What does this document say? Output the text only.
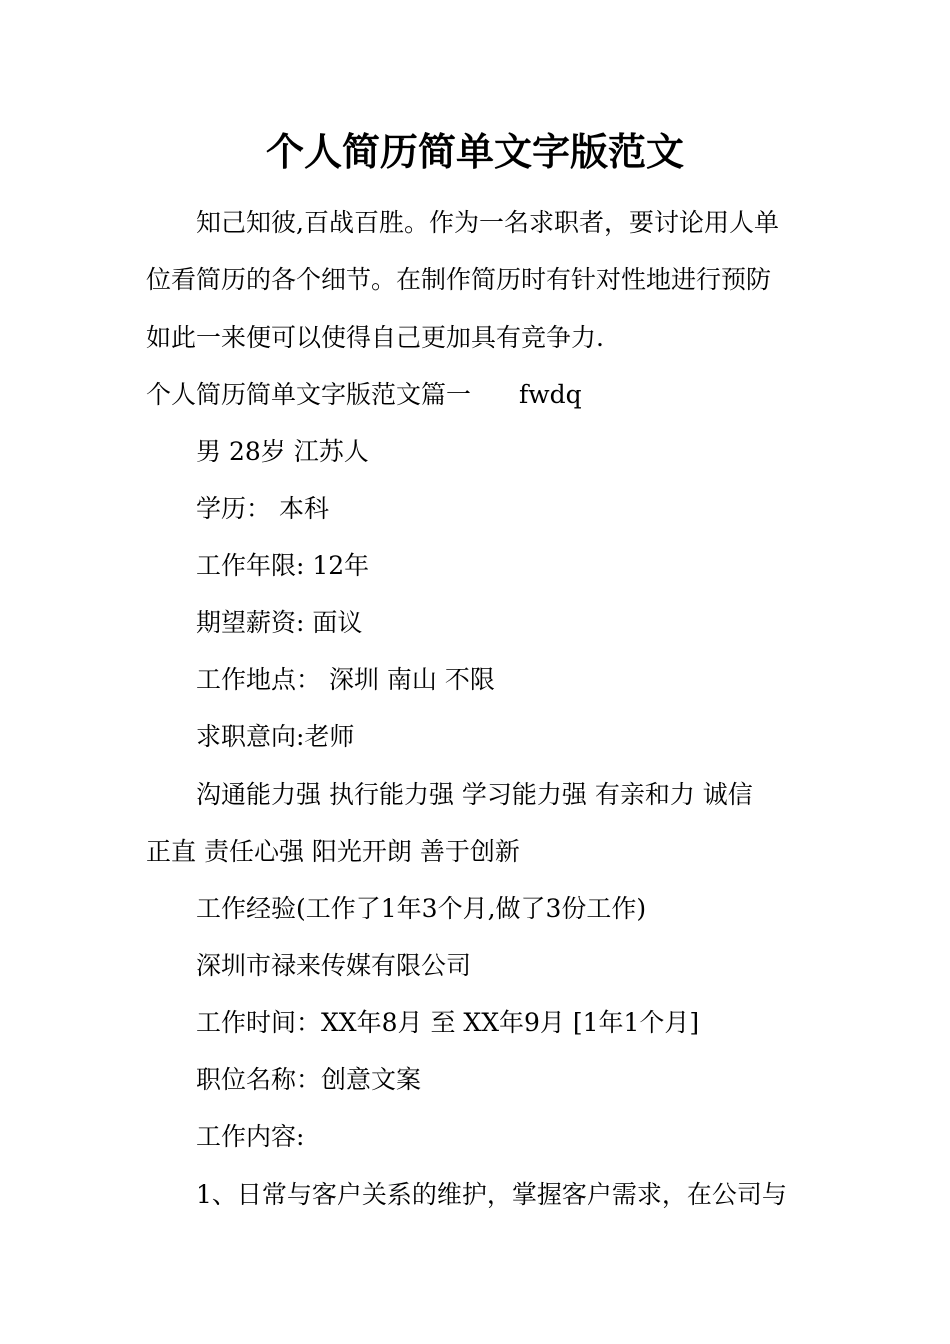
个人简历简单文字版范文
知己知彼,百战百胜。作为一名求职者，要讨论用人单
位看简历的各个细节。在制作简历时有针对性地进行预防
如此一来便可以使得自己更加具有竞争力.
个人简历简单文字版范文篇一 fwdq
男 28岁 江苏人
学历： 本科
工作年限: 12年
期望薪资: 面议
工作地点： 深圳 南山 不限
求职意向:老师
沟通能力强 执行能力强 学习能力强 有亲和力 诚信
正直 责任心强 阳光开朗 善于创新
工作经验(工作了1年3个月,做了3份工作)
深圳市禄来传媒有限公司
工作时间：XX年8月 至 XX年9月 [1年1个月]
职位名称：创意文案
工作内容:
1、日常与客户关系的维护，掌握客户需求，在公司与
